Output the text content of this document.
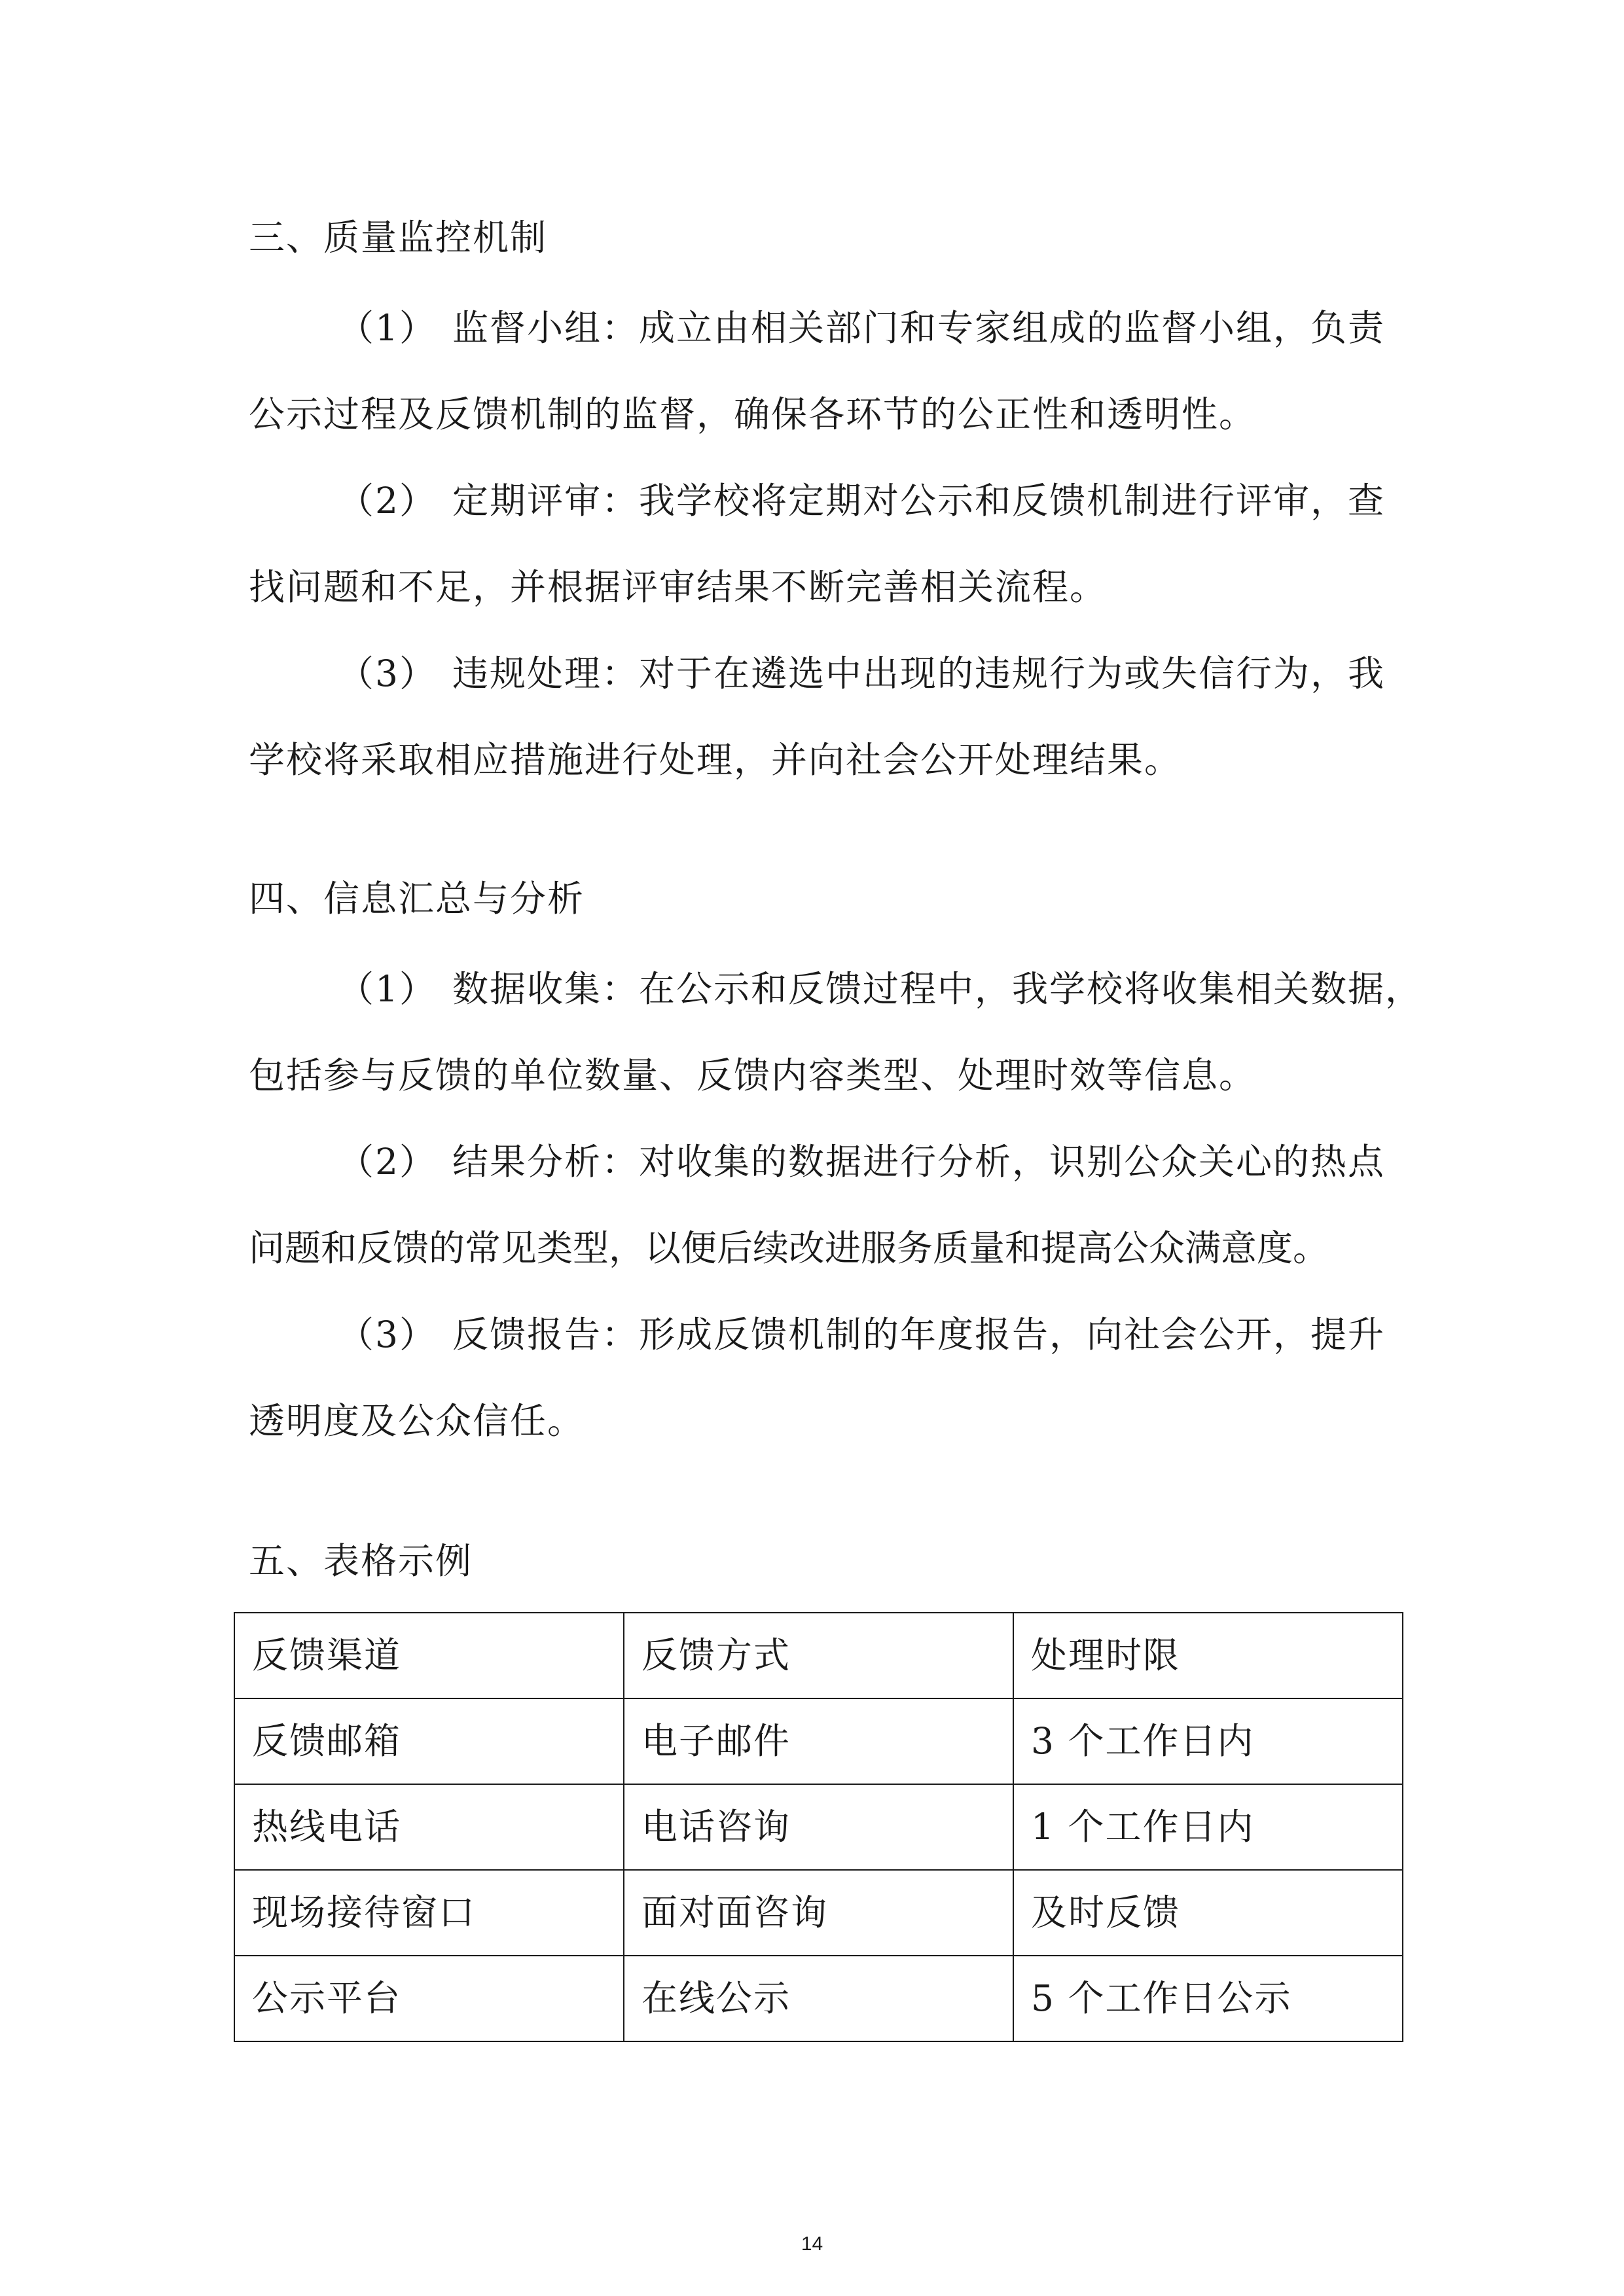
三、质量监控机制

（1） 监督小组：成立由相关部门和专家组成的监督小组，负责

公示过程及反馈机制的监督，确保各环节的公正性和透明性。

（2） 定期评审：我学校将定期对公示和反馈机制进行评审，查

找问题和不足，并根据评审结果不断完善相关流程。

（3） 违规处理：对于在遴选中出现的违规行为或失信行为，我

学校将采取相应措施进行处理，并向社会公开处理结果。

四、信息汇总与分析

（1） 数据收集：在公示和反馈过程中，我学校将收集相关数据，

包括参与反馈的单位数量、反馈内容类型、处理时效等信息。

（2） 结果分析：对收集的数据进行分析，识别公众关心的热点

问题和反馈的常见类型，以便后续改进服务质量和提高公众满意度。

（3） 反馈报告：形成反馈机制的年度报告，向社会公开，提升

透明度及公众信任。

五、表格示例

反馈渠道	反馈方式	处理时限
反馈邮箱	电子邮件	3 个工作日内
热线电话	电话咨询	1 个工作日内
现场接待窗口	面对面咨询	及时反馈
公示平台	在线公示	5 个工作日公示
14
